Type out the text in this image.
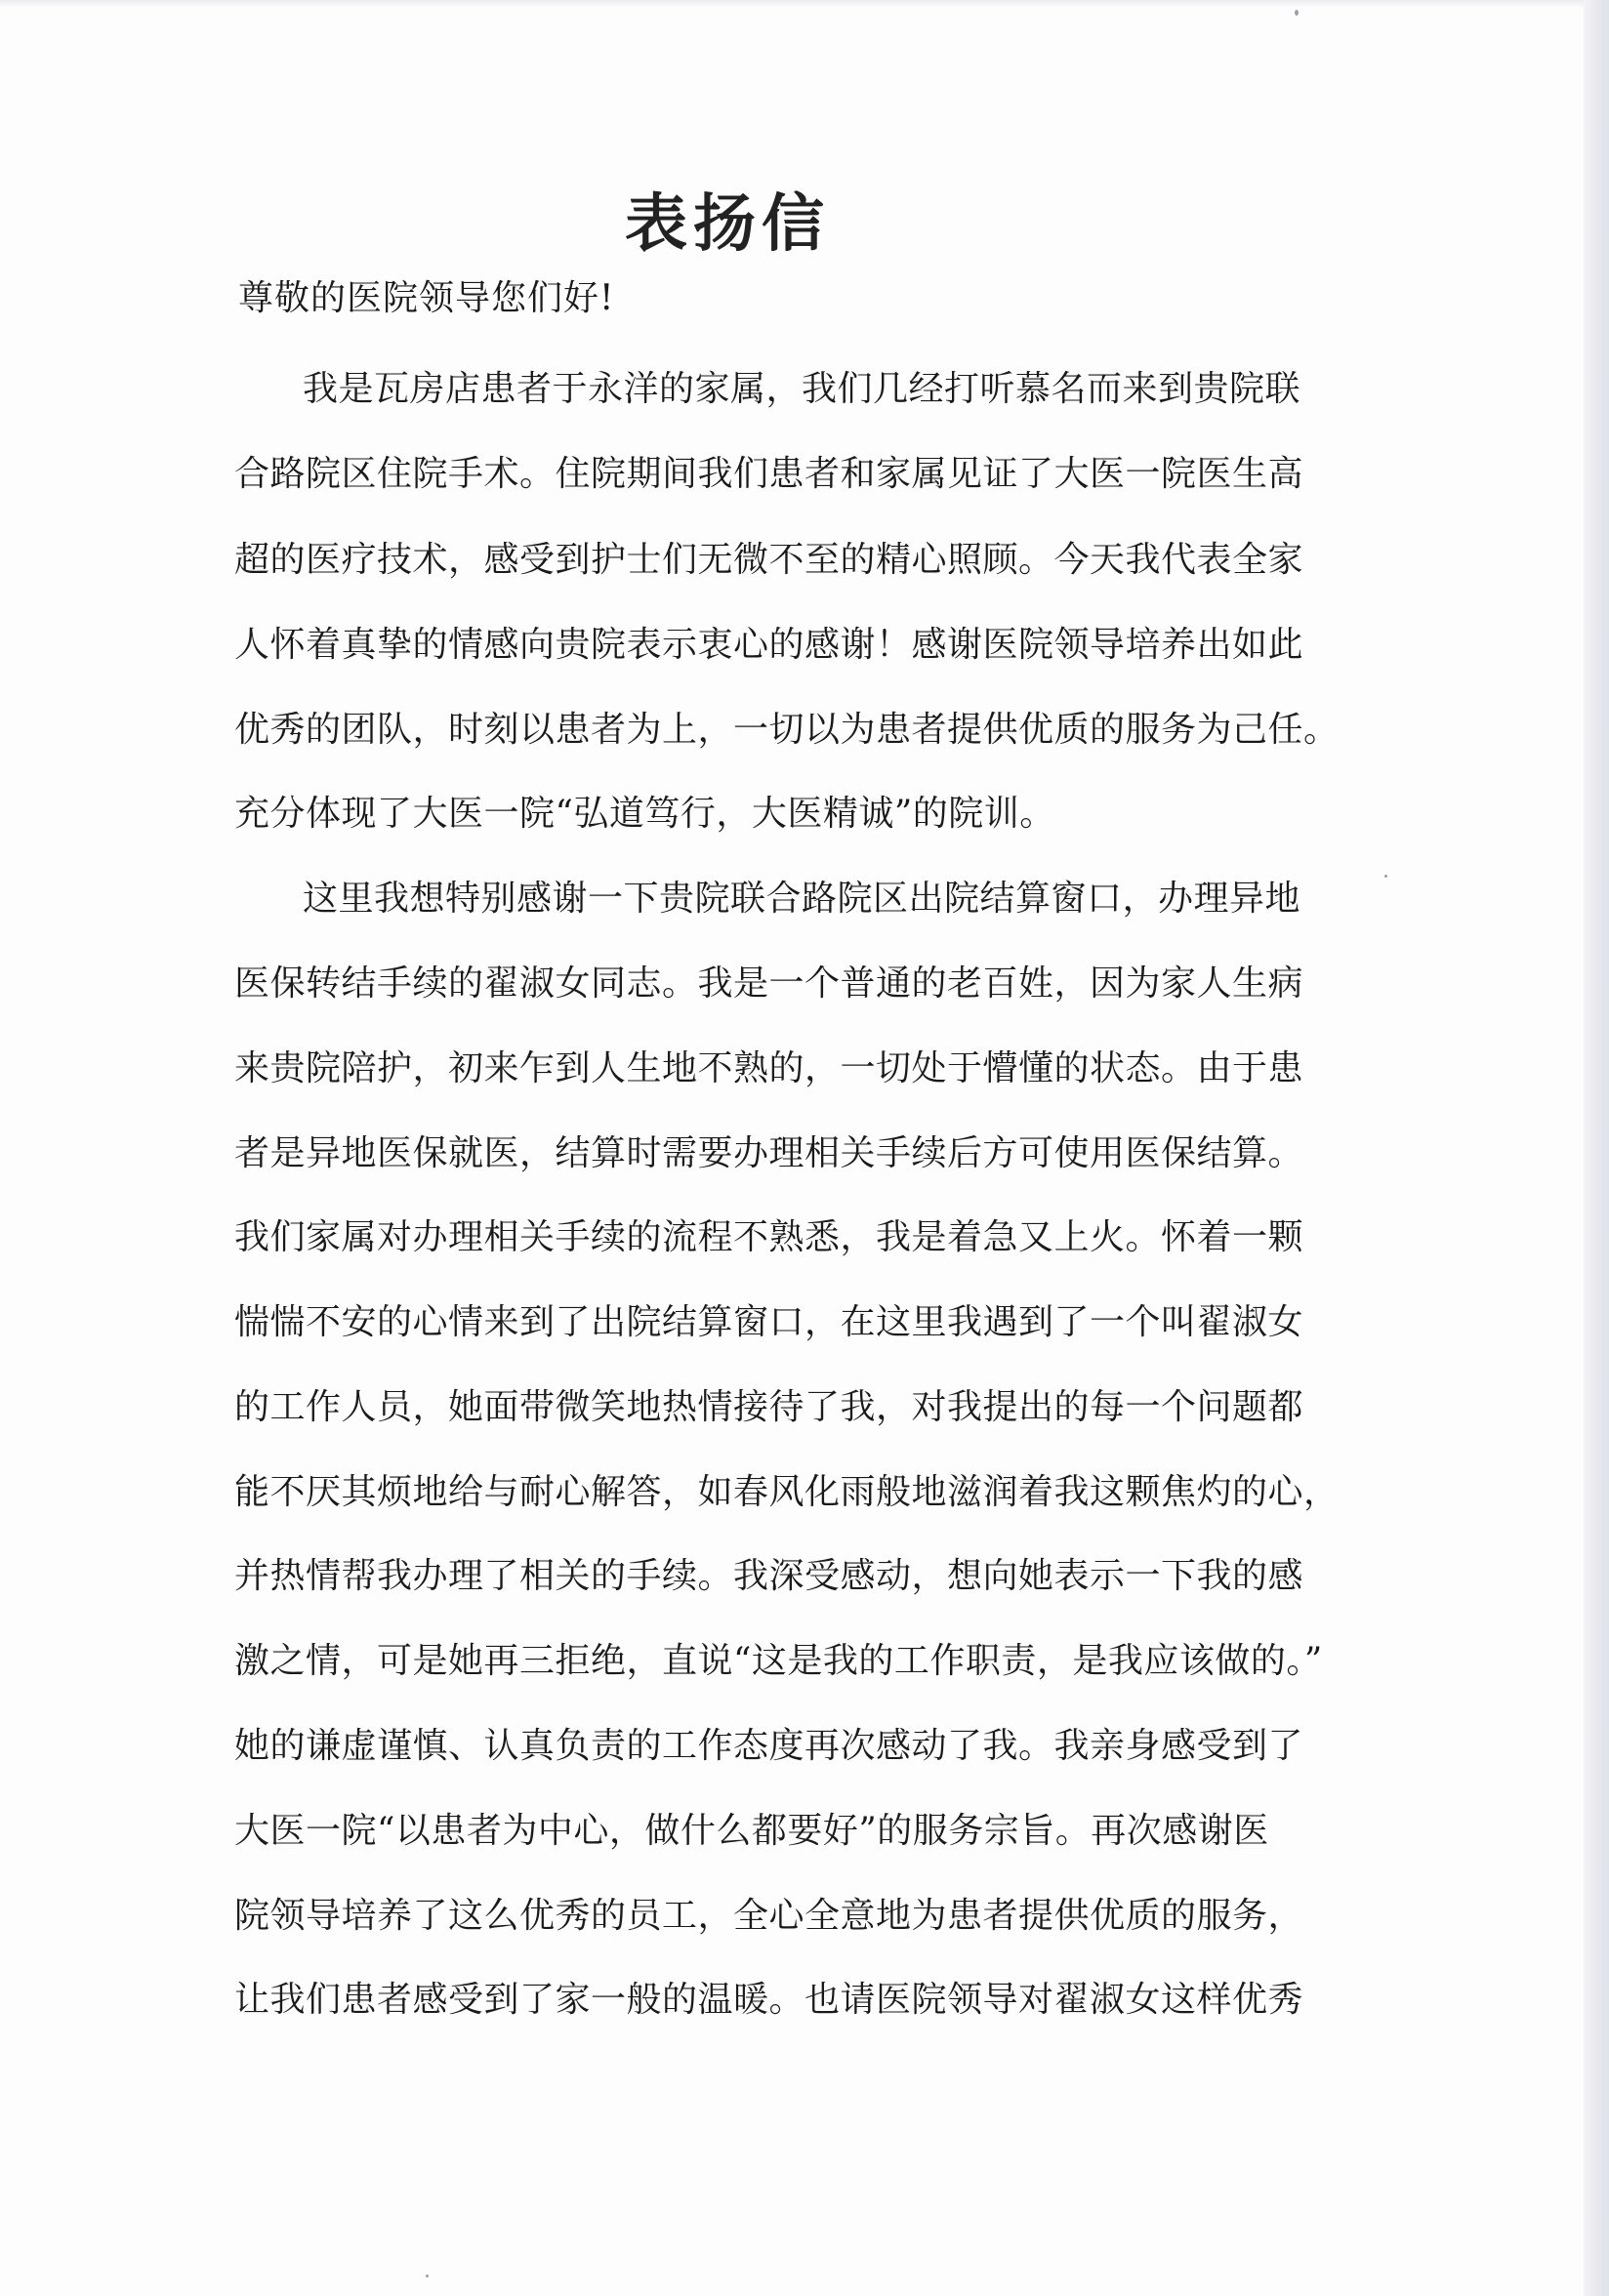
表扬信
尊敬的医院领导您们好!
我是瓦房店患者于永洋的家属，我们几经打听慕名而来到贵院联
合路院区住院手术。住院期间我们患者和家属见证了大医一院医生高
超的医疗技术，感受到护士们无微不至的精心照顾。今天我代表全家
人怀着真挚的情感向贵院表示衷心的感谢！感谢医院领导培养出如此
优秀的团队，时刻以患者为上，一切以为患者提供优质的服务为己任。
充分体现了大医一院“弘道笃行，大医精诚”的院训。
这里我想特别感谢一下贵院联合路院区出院结算窗口，办理异地
医保转结手续的翟淑女同志。我是一个普通的老百姓，因为家人生病
来贵院陪护，初来乍到人生地不熟的，一切处于懵懂的状态。由于患
者是异地医保就医，结算时需要办理相关手续后方可使用医保结算。
我们家属对办理相关手续的流程不熟悉，我是着急又上火。怀着一颗
惴惴不安的心情来到了出院结算窗口，在这里我遇到了一个叫翟淑女
的工作人员，她面带微笑地热情接待了我，对我提出的每一个问题都
能不厌其烦地给与耐心解答，如春风化雨般地滋润着我这颗焦灼的心，
并热情帮我办理了相关的手续。我深受感动，想向她表示一下我的感
激之情，可是她再三拒绝，直说“这是我的工作职责，是我应该做的。”
她的谦虚谨慎、认真负责的工作态度再次感动了我。我亲身感受到了
大医一院“以患者为中心，做什么都要好”的服务宗旨。再次感谢医
院领导培养了这么优秀的员工，全心全意地为患者提供优质的服务，
让我们患者感受到了家一般的温暖。也请医院领导对翟淑女这样优秀
